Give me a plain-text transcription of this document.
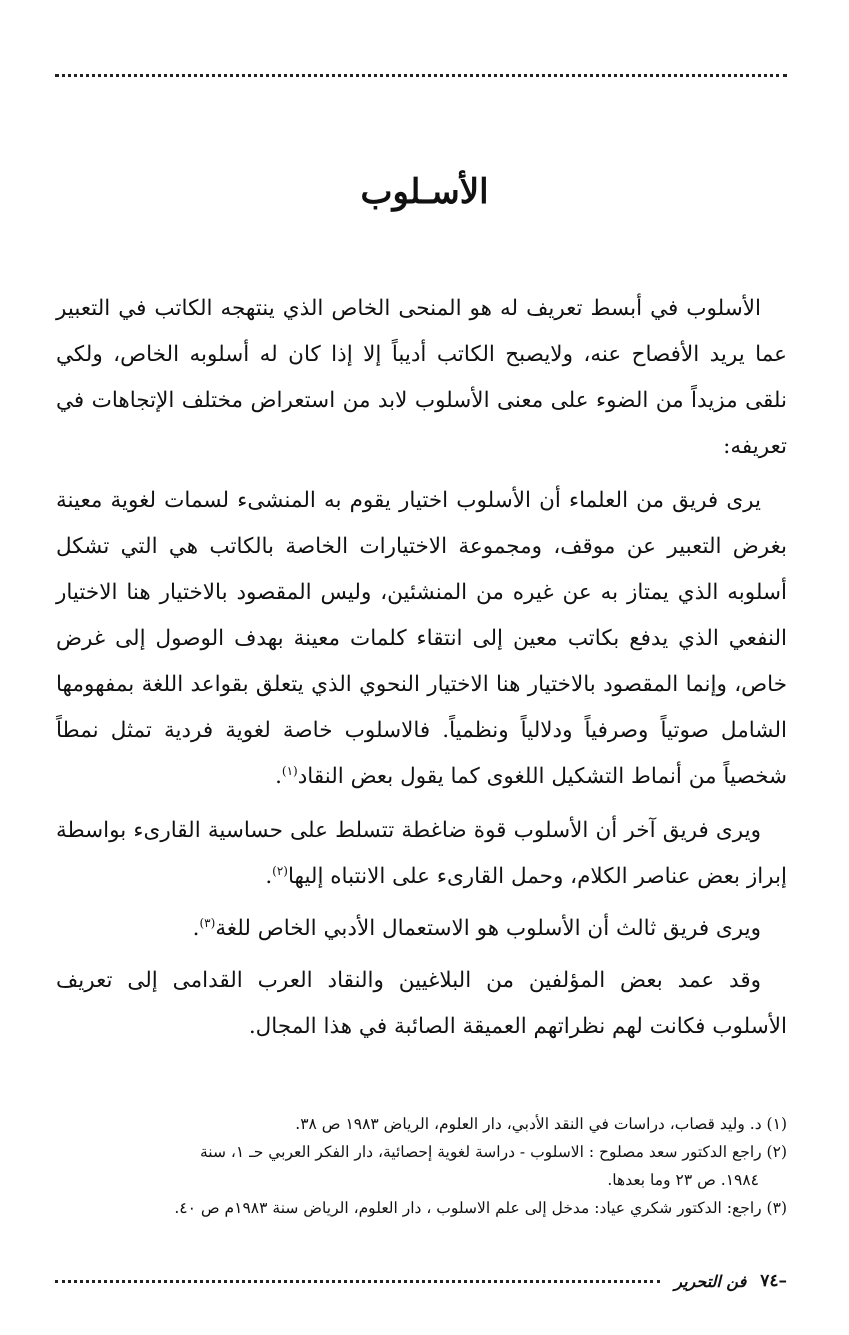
الأسـلوب

الأسلوب في أبسط تعريف له هو المنحى الخاص الذي ينتهجه الكاتب في التعبير عما يريد الأفصاح عنه، ولايصبح الكاتب أديباً إلا إذا كان له أسلوبه الخاص، ولكي نلقى مزيداً من الضوء على معنى الأسلوب لابد من استعراض مختلف الإتجاهات في تعريفه:

يرى فريق من العلماء أن الأسلوب اختيار يقوم به المنشىء لسمات لغوية معينة بغرض التعبير عن موقف، ومجموعة الاختيارات الخاصة بالكاتب هي التي تشكل أسلوبه الذي يمتاز به عن غيره من المنشئين، وليس المقصود بالاختيار هنا الاختيار النفعي الذي يدفع بكاتب معين إلى انتقاء كلمات معينة بهدف الوصول إلى غرض خاص، وإنما المقصود بالاختيار هنا الاختيار النحوي الذي يتعلق بقواعد اللغة بمفهومها الشامل صوتياً وصرفياً ودلالياً ونظمياً. فالاسلوب خاصة لغوية فردية تمثل نمطاً شخصياً من أنماط التشكيل اللغوى كما يقول بعض النقاد$^{(١)}$.

ويرى فريق آخر أن الأسلوب قوة ضاغطة تتسلط على حساسية القارىء بواسطة إبراز بعض عناصر الكلام، وحمل القارىء على الانتباه إليها$^{(٢)}$.

ويرى فريق ثالث أن الأسلوب هو الاستعمال الأدبي الخاص للغة$^{(٣)}$.

وقد عمد بعض المؤلفين من البلاغيين والنقاد العرب القدامى إلى تعريف الأسلوب فكانت لهم نظراتهم العميقة الصائبة في هذا المجال.

(١) د. وليد قصاب، دراسات في النقد الأدبي، دار العلوم، الرياض ١٩٨٣ ص ٣٨.
(٢) راجع الدكتور سعد مصلوح : الاسلوب - دراسة لغوية إحصائية، دار الفكر العربي حـ ١، سنة
١٩٨٤. ص ٢٣ وما بعدها.
(٣) راجع: الدكتور شكري عياد: مدخل إلى علم الاسلوب ، دار العلوم، الرياض سنة ١٩٨٣م ص ٤٠.
–٧٤
فن التحرير
